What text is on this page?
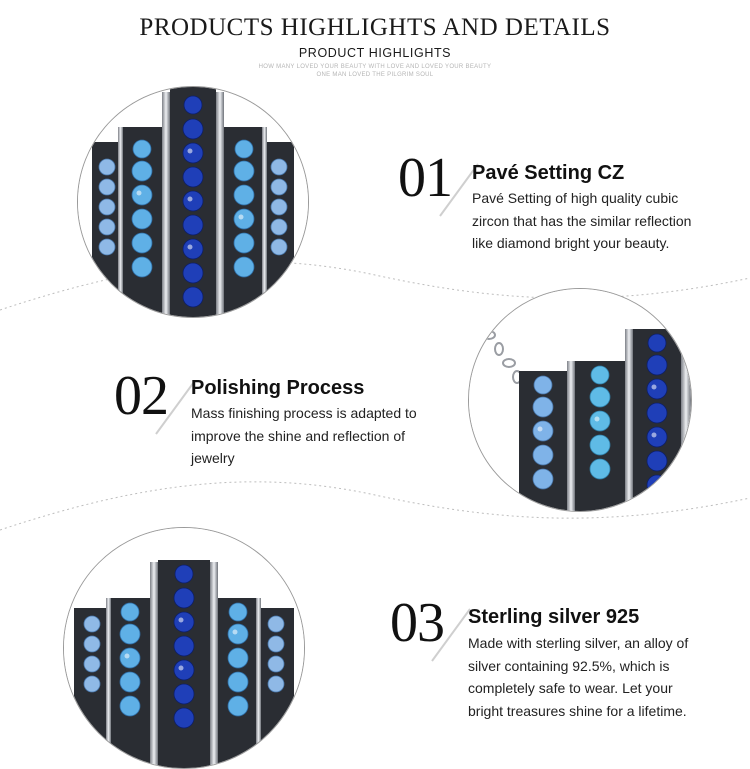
PRODUCTS HIGHLIGHTS AND DETAILS
PRODUCT HIGHLIGHTS
HOW MANY LOVED YOUR BEAUTY WITH LOVE AND LOVED YOUR BEAUTY
ONE MAN LOVED THE PILGRIM SOUL
01 Pavé Setting CZ
Pavé Setting of high quality cubic
zircon that has the similar reflection
like diamond bright your beauty.
02 Polishing Process
Mass finishing process is adapted to
improve the shine and reflection of
jewelry
03 Sterling silver 925
Made with sterling silver, an alloy of
silver containing 92.5%, which is
completely safe to wear. Let your
bright treasures shine for a lifetime.
